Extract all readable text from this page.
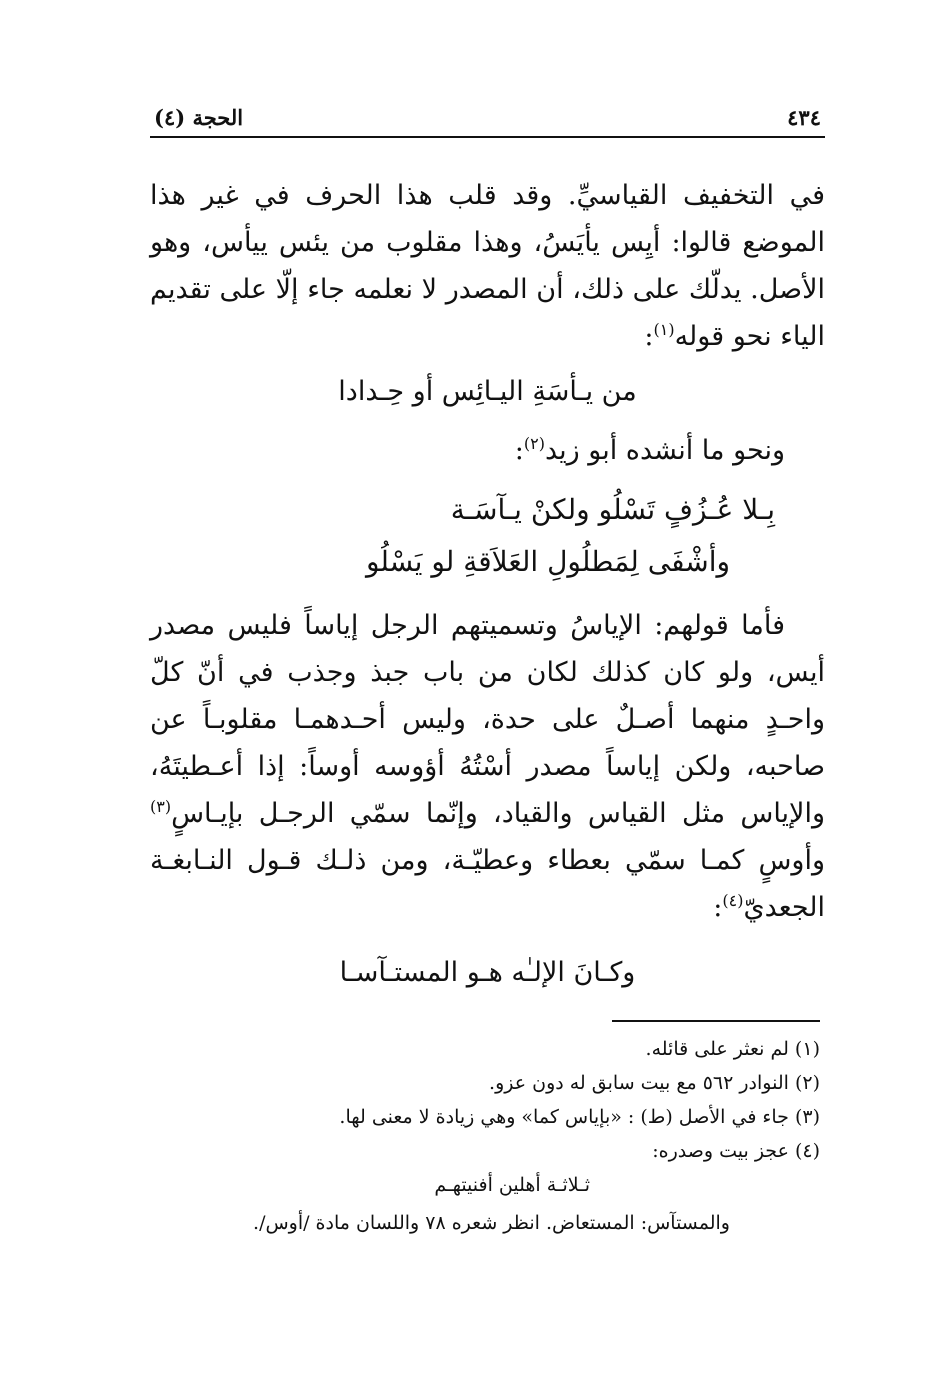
٤٣٤
الحجة (٤)

في التخفيف القياسيِّ. وقد قلب هذا الحرف في غير هذا الموضع قالوا: أيِس يأيَسُ، وهذا مقلوب من يئس ييأس، وهو الأصل. يدلّك على ذلك، أن المصدر لا نعلمه جاء إلّا على تقديم الياء نحو قوله$^{(١)}$:

من يـأسَةِ اليـائِس أو حِـدادا

ونحو ما أنشده أبو زيد$^{(٢)}$:

بِـلا عُـزُفٍ تَسْلُو ولكنْ يـآسَـة
وأشْفَى لِمَطلُولِ العَلاَقةِ لو يَسْلُو

فأما قولهم: الإياسُ وتسميتهم الرجل إياساً فليس مصدر أيس، ولو كان كذلك لكان من باب جبذ وجذب في أنّ كلّ واحـدٍ منهما أصـلٌ على حدة، وليس أحـدهمـا مقلوبـاً عن صاحبه، ولكن إياساً مصدر أسْتُهُ أؤوسه أوساً: إذا أعـطيتَهُ، والإياس مثل القياس والقياد، وإنّما سمّي الرجـل بإيـاسٍ$^{(٣)}$ وأوسٍ كمـا سمّي بعطاء وعطيّـة، ومن ذلـك قـول النـابغـة الجعديّ$^{(٤)}$:

وكـانَ الإلـٰه هـو المستـآسـا

(١) لم نعثر على قائله.

(٢) النوادر ٥٦٢ مع بيت سابق له دون عزو.

(٣) جاء في الأصل (ط) : «بإياس كما» وهي زيادة لا معنى لها.

(٤) عجز بيت وصدره:

ثـلاثـة أهلين أفنيتهـم

والمستآس: المستعاض. انظر شعره ٧٨ واللسان مادة /أوس/.
